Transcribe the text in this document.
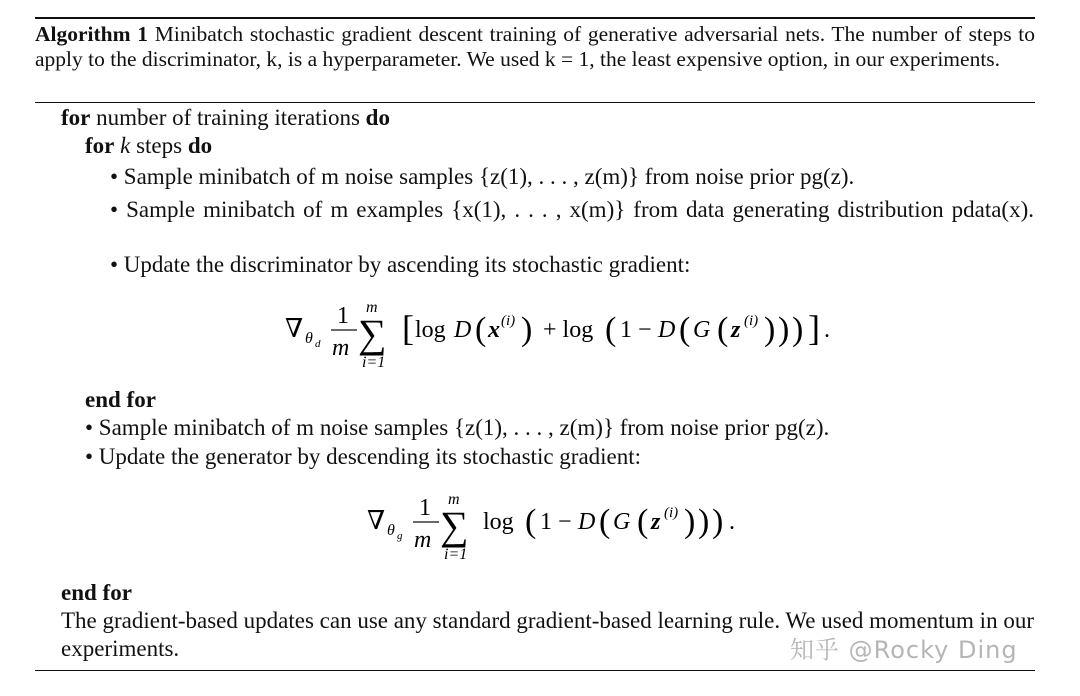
Algorithm 1 Minibatch stochastic gradient descent training of generative adversarial nets. The number of steps to apply to the discriminator, k, is a hyperparameter. We used k = 1, the least expensive option, in our experiments.
for number of training iterations do
for k steps do
• Sample minibatch of m noise samples {z(1), . . . , z(m)} from noise prior pg(z).
• Sample minibatch of m examples {x(1), . . . , x(m)} from data generating distribution pdata(x).
• Update the discriminator by ascending its stochastic gradient:
∇ θ d
1
m
m
∑
i=1
[ log D ( x (i) ) + log ( 1 − D ( G ( z (i) ) ) ) ] .
end for
• Sample minibatch of m noise samples {z(1), . . . , z(m)} from noise prior pg(z).
• Update the generator by descending its stochastic gradient:
∇ θ g
1
m
m
∑
i=1
log ( 1 − D ( G ( z (i) ) ) ) .
end for
The gradient-based updates can use any standard gradient-based learning rule. We used momentum in our experiments.	知乎 @Rocky Ding
